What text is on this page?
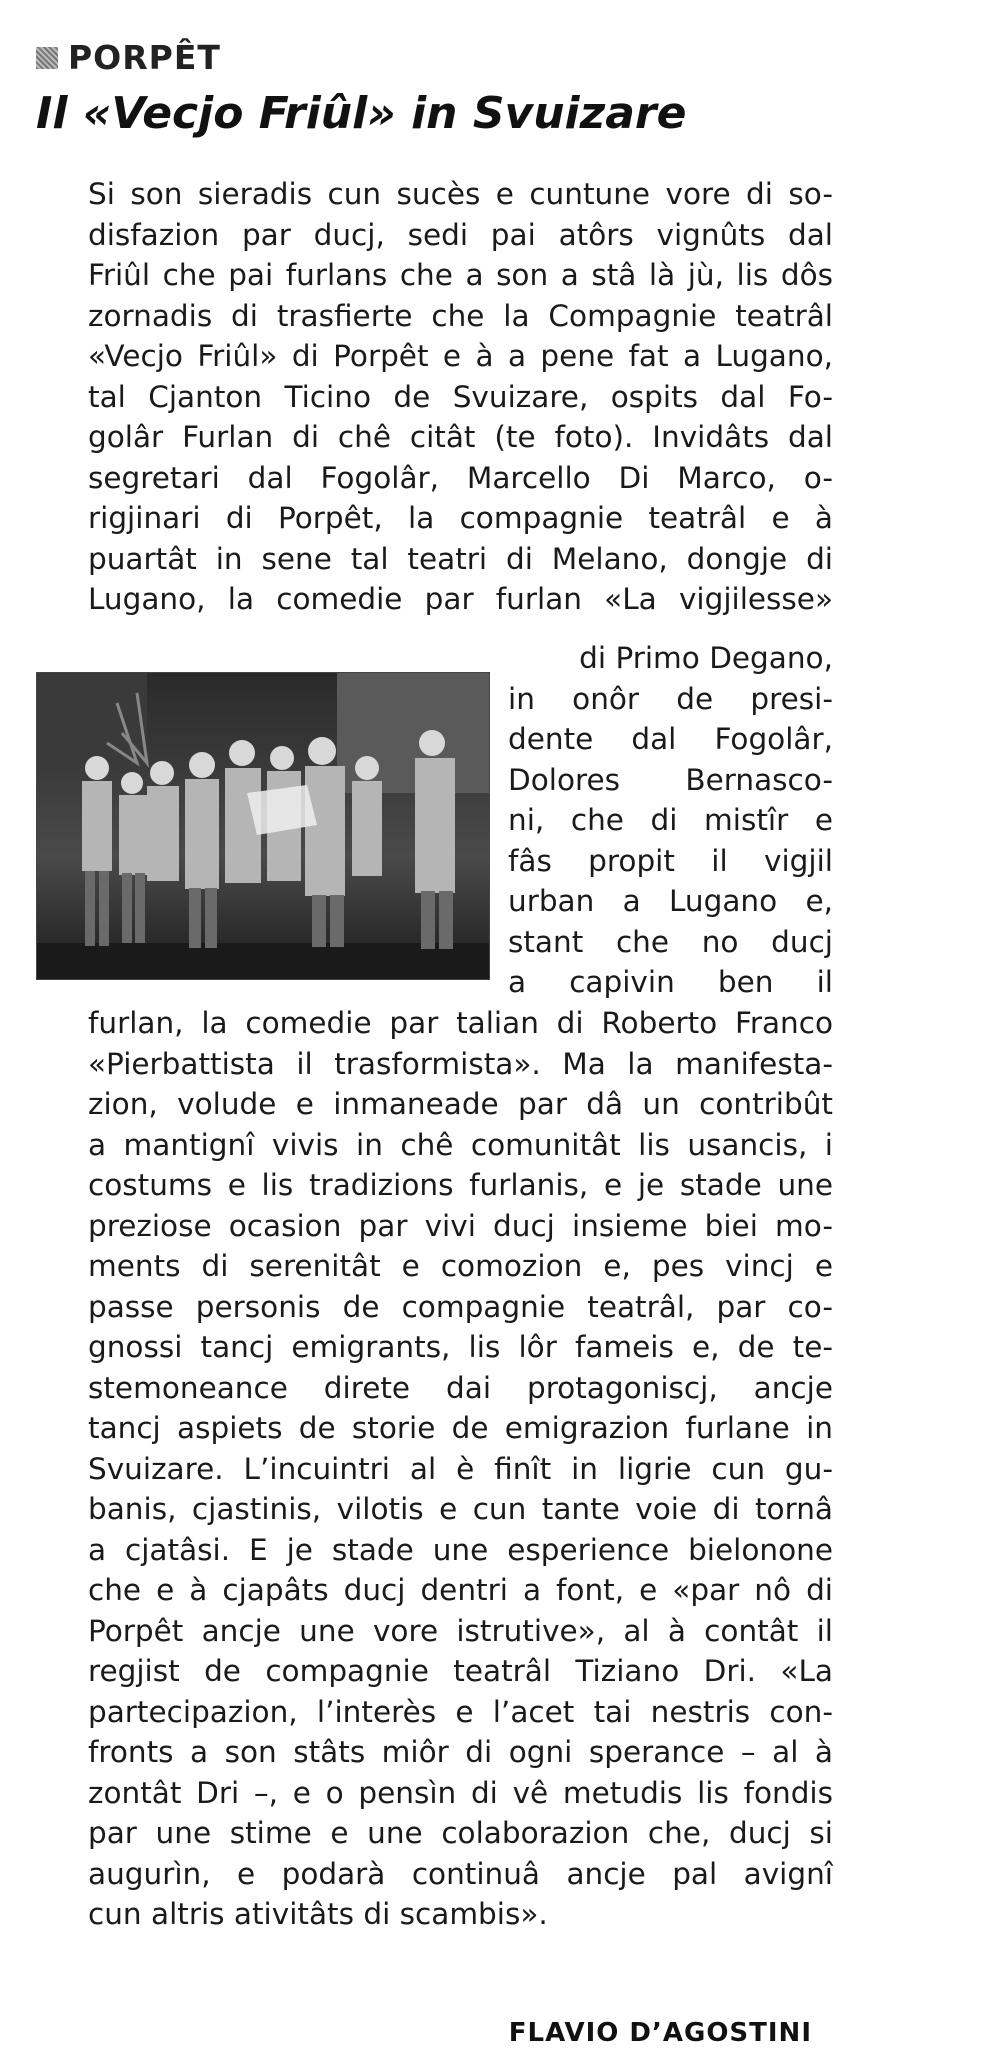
PORPÊT
Il «Vecjo Friûl» in Svuizare
Si son sieradis cun sucès e cuntune vore di so-
disfazion par ducj, sedi pai atôrs vignûts dal
Friûl che pai furlans che a son a stâ là jù, lis dôs
zornadis di trasfierte che la Compagnie teatrâl
«Vecjo Friûl» di Porpêt e à a pene fat a Lugano,
tal Cjanton Ticino de Svuizare, ospits dal Fo-
golâr Furlan di chê citât (te foto). Invidâts dal
segretari dal Fogolâr, Marcello Di Marco, o-
rigjinari di Porpêt, la compagnie teatrâl e à
puartât in sene tal teatri di Melano, dongje di
Lugano, la comedie par furlan «La vigjilesse»
di Primo Degano,
in onôr de presi-
dente dal Fogolâr,
Dolores Bernasco-
ni, che di mistîr e
fâs propit il vigjil
urban a Lugano e,
stant che no ducj
a capivin ben il
furlan, la comedie par talian di Roberto Franco
«Pierbattista il trasformista». Ma la manifesta-
zion, volude e inmaneade par dâ un contribût
a mantignî vivis in chê comunitât lis usancis, i
costums e lis tradizions furlanis, e je stade une
preziose ocasion par vivi ducj insieme biei mo-
ments di serenitât e comozion e, pes vincj e
passe personis de compagnie teatrâl, par co-
gnossi tancj emigrants, lis lôr fameis e, de te-
stemoneance direte dai protagoniscj, ancje
tancj aspiets de storie de emigrazion furlane in
Svuizare. L’incuintri al è finît in ligrie cun gu-
banis, cjastinis, vilotis e cun tante voie di tornâ
a cjatâsi. E je stade une esperience bielonone
che e à cjapâts ducj dentri a font, e «par nô di
Porpêt ancje une vore istrutive», al à contât il
regjist de compagnie teatrâl Tiziano Dri. «La
partecipazion, l’interès e l’acet tai nestris con-
fronts a son stâts miôr di ogni sperance – al à
zontât Dri –, e o pensìn di vê metudis lis fondis
par une stime e une colaborazion che, ducj si
augurìn, e podarà continuâ ancje pal avignî
cun altris ativitâts di scambis».

FLAVIO D’AGOSTINI
